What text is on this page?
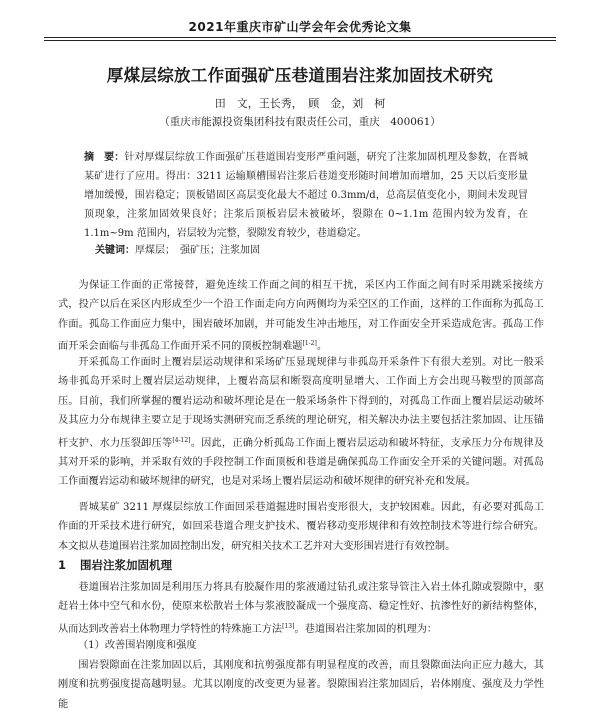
2021年重庆市矿山学会年会优秀论文集
厚煤层综放工作面强矿压巷道围岩注浆加固技术研究
田　文，王长秀， 顾　金，刘　柯
（重庆市能源投资集团科技有限责任公司，重庆　400061）
摘　要：针对厚煤层综放工作面强矿压巷道围岩变形严重问题，研究了注浆加固机理及参数，在晋城某矿进行了应用。得出：3211 运输顺槽围岩注浆后巷道变形随时间增加而增加，25 天以后变形量增加缓慢，围岩稳定；顶板错固区高层变化最大不超过 0.3mm/d，总高层值变化小，期间未发现冒顶现象，注浆加固效果良好；注浆后顶板岩层未被破坏，裂隙在 0~1.1m 范围内较为发育，在 1.1m~9m 范围内，岩层较为完整，裂隙发育较少，巷道稳定。
关键词：厚煤层；　强矿压；注浆加固

为保证工作面的正常接替，避免连续工作面之间的相互干扰，采区内工作面之间有时采用跳采接续方式，投产以后在采区内形成至少一个沿工作面走向方向两侧均为采空区的工作面，这样的工作面称为孤岛工作面。孤岛工作面应力集中，围岩破坏加剧，并可能发生冲击地压，对工作面安全开采造成危害。孤岛工作面开采会面临与非孤岛工作面开采不同的顶板控制难题[1-2]。

开采孤岛工作面时上覆岩层运动规律和采场矿压显现规律与非孤岛开采条件下有很大差别。对比一般采场非孤岛开采时上覆岩层运动规律，上覆岩高层和断裂高度明显增大、工作面上方会出现马鞍型的顶部高压。目前，我们所掌握的覆岩运动和破坏理论是在一般采场条件下得到的，对孤岛工作面上覆岩层运动破坏及其应力分布规律主要立足于现场实测研究而乏系统的理论研究，相关解决办法主要包括注浆加固、让压锚杆支护、水力压裂卸压等[4-12]。因此，正确分析孤岛工作面上覆岩层运动和破坏特征，支承压力分布规律及其对开采的影响，并采取有效的手段控制工作面顶板和巷道是确保孤岛工作面安全开采的关键问题。对孤岛工作面覆岩运动和破坏规律的研究，也是对采场上覆岩层运动和破坏规律的研究补充和发展。

晋城某矿 3211 厚煤层综放工作面回采巷道掘进时围岩变形很大，支护较困难。因此，有必要对孤岛工作面的开采技术进行研究，如回采巷道合理支护技术、覆岩移动变形规律和有效控制技术等进行综合研究。本文拟从巷道围岩注浆加固控制出发，研究相关技术工艺并对大变形围岩进行有效控制。

1 围岩注浆加固机理

巷道围岩注浆加固是利用压力将具有胶凝作用的浆液通过钻孔或注浆导管注入岩土体孔隙或裂隙中，驱赶岩土体中空气和水份，使原来松散岩土体与浆液胶凝成一个强度高、稳定性好、抗渗性好的新结构整体，从而达到改善岩土体物理力学特性的特殊施工方法[13]。巷道围岩注浆加固的机理为：

（1）改善围岩刚度和强度

围岩裂隙面在注浆加固以后，其刚度和抗剪强度都有明显程度的改善，而且裂隙面法向正应力越大，其刚度和抗剪强度提高越明显。尤其以刚度的改变更为显著。裂隙围岩注浆加固后，岩体刚度、强度及力学性能
